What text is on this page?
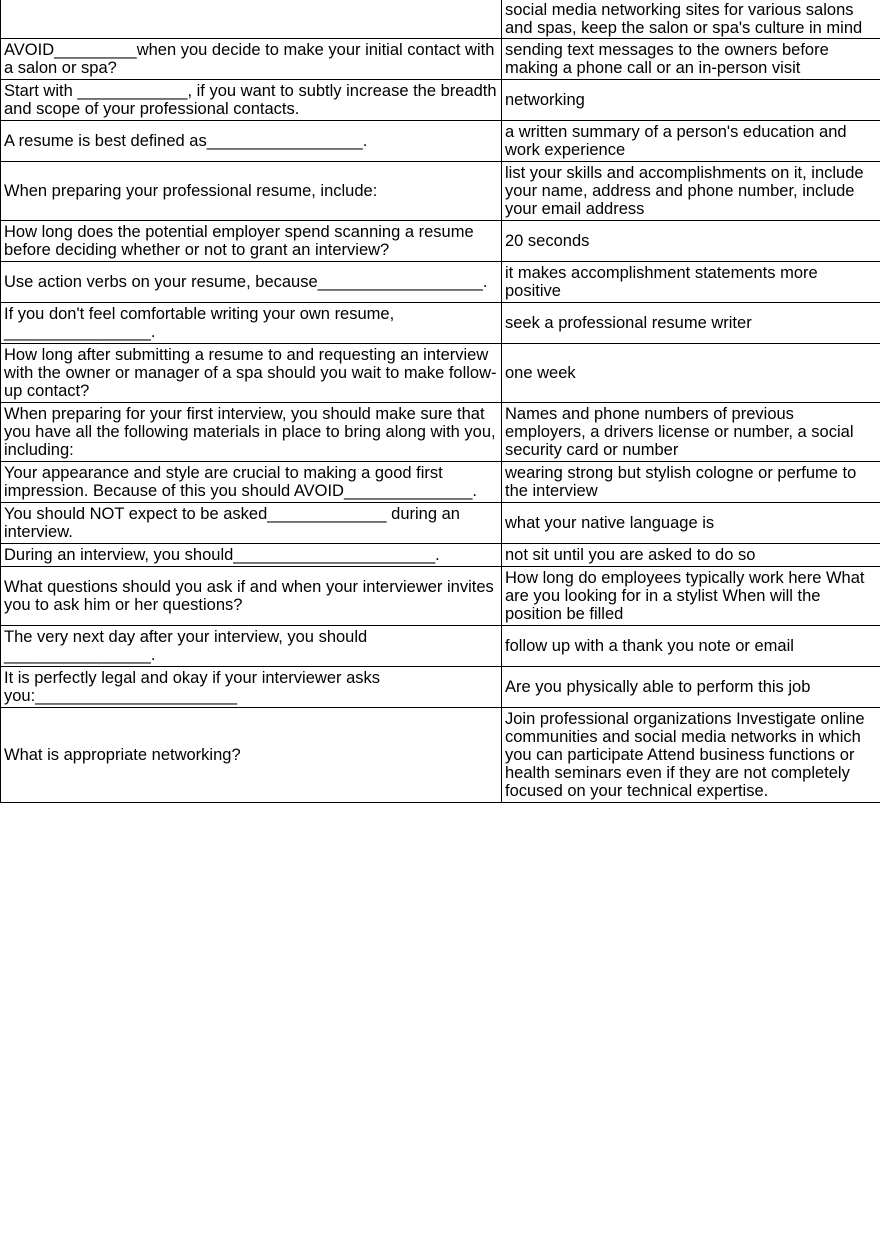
	social media networking sites for various salons and spas, keep the salon or spa's culture in mind
AVOID_________when you decide to make your initial contact with a salon or spa?	sending text messages to the owners before making a phone call or an in-person visit
Start with ____________, if you want to subtly increase the breadth and scope of your professional contacts.	networking
A resume is best defined as_________________.	a written summary of a person's education and work experience
When preparing your professional resume, include:	list your skills and accomplishments on it, include your name, address and phone number, include your email address
How long does the potential employer spend scanning a resume before deciding whether or not to grant an interview?	20 seconds
Use action verbs on your resume, because__________________.	it makes accomplishment statements more positive
If you don't feel comfortable writing your own resume, ________________.	seek a professional resume writer
How long after submitting a resume to and requesting an interview with the owner or manager of a spa should you wait to make follow-up contact?	one week
When preparing for your first interview, you should make sure that you have all the following materials in place to bring along with you, including:	Names and phone numbers of previous employers, a drivers license or number, a social security card or number
Your appearance and style are crucial to making a good first impression. Because of this you should AVOID______________.	wearing strong but stylish cologne or perfume to the interview
You should NOT expect to be asked_____________ during an interview.	what your native language is
During an interview, you should______________________.	not sit until you are asked to do so
What questions should you ask if and when your interviewer invites you to ask him or her questions?	How long do employees typically work here What are you looking for in a stylist When will the position be filled
The very next day after your interview, you should ________________.	follow up with a thank you note or email
It is perfectly legal and okay if your interviewer asks you:______________________	Are you physically able to perform this job
What is appropriate networking?	Join professional organizations Investigate online communities and social media networks in which you can participate Attend business functions or health seminars even if they are not completely focused on your technical expertise.
